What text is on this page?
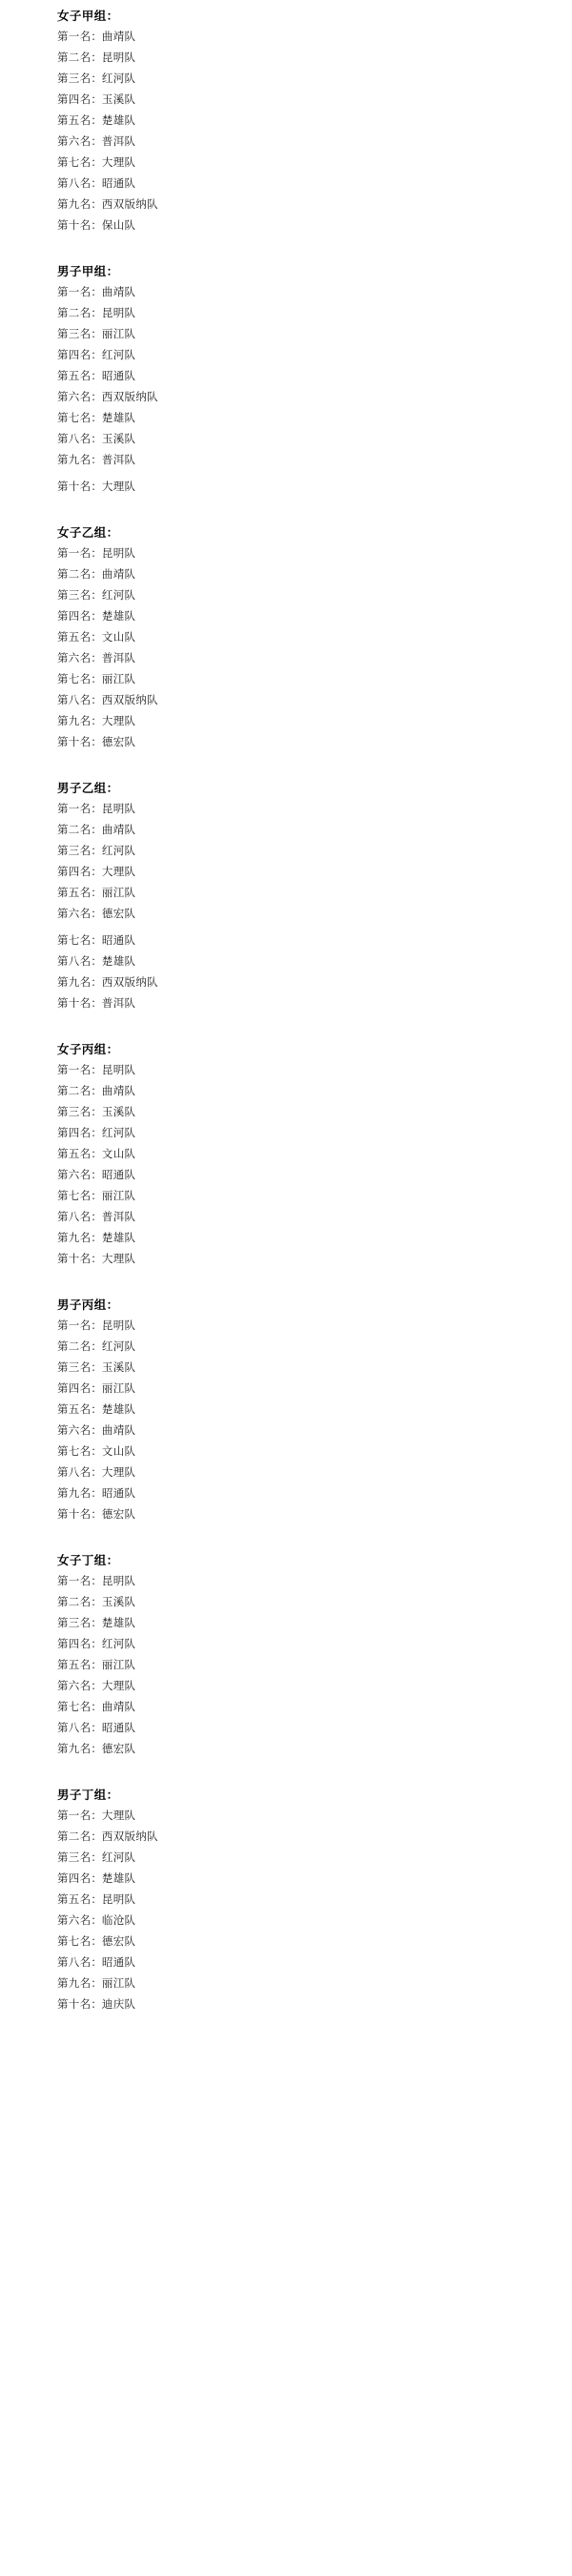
女子甲组：
第一名：曲靖队
第二名：昆明队
第三名：红河队
第四名：玉溪队
第五名：楚雄队
第六名：普洱队
第七名：大理队
第八名：昭通队
第九名：西双版纳队
第十名：保山队
男子甲组：
第一名：曲靖队
第二名：昆明队
第三名：丽江队
第四名：红河队
第五名：昭通队
第六名：西双版纳队
第七名：楚雄队
第八名：玉溪队
第九名：普洱队
第十名：大理队
女子乙组：
第一名：昆明队
第二名：曲靖队
第三名：红河队
第四名：楚雄队
第五名：文山队
第六名：普洱队
第七名：丽江队
第八名：西双版纳队
第九名：大理队
第十名：德宏队
男子乙组：
第一名：昆明队
第二名：曲靖队
第三名：红河队
第四名：大理队
第五名：丽江队
第六名：德宏队
第七名：昭通队
第八名：楚雄队
第九名：西双版纳队
第十名：普洱队
女子丙组：
第一名：昆明队
第二名：曲靖队
第三名：玉溪队
第四名：红河队
第五名：文山队
第六名：昭通队
第七名：丽江队
第八名：普洱队
第九名：楚雄队
第十名：大理队
男子丙组：
第一名：昆明队
第二名：红河队
第三名：玉溪队
第四名：丽江队
第五名：楚雄队
第六名：曲靖队
第七名：文山队
第八名：大理队
第九名：昭通队
第十名：德宏队
女子丁组：
第一名：昆明队
第二名：玉溪队
第三名：楚雄队
第四名：红河队
第五名：丽江队
第六名：大理队
第七名：曲靖队
第八名：昭通队
第九名：德宏队
男子丁组：
第一名：大理队
第二名：西双版纳队
第三名：红河队
第四名：楚雄队
第五名：昆明队
第六名：临沧队
第七名：德宏队
第八名：昭通队
第九名：丽江队
第十名：迪庆队
